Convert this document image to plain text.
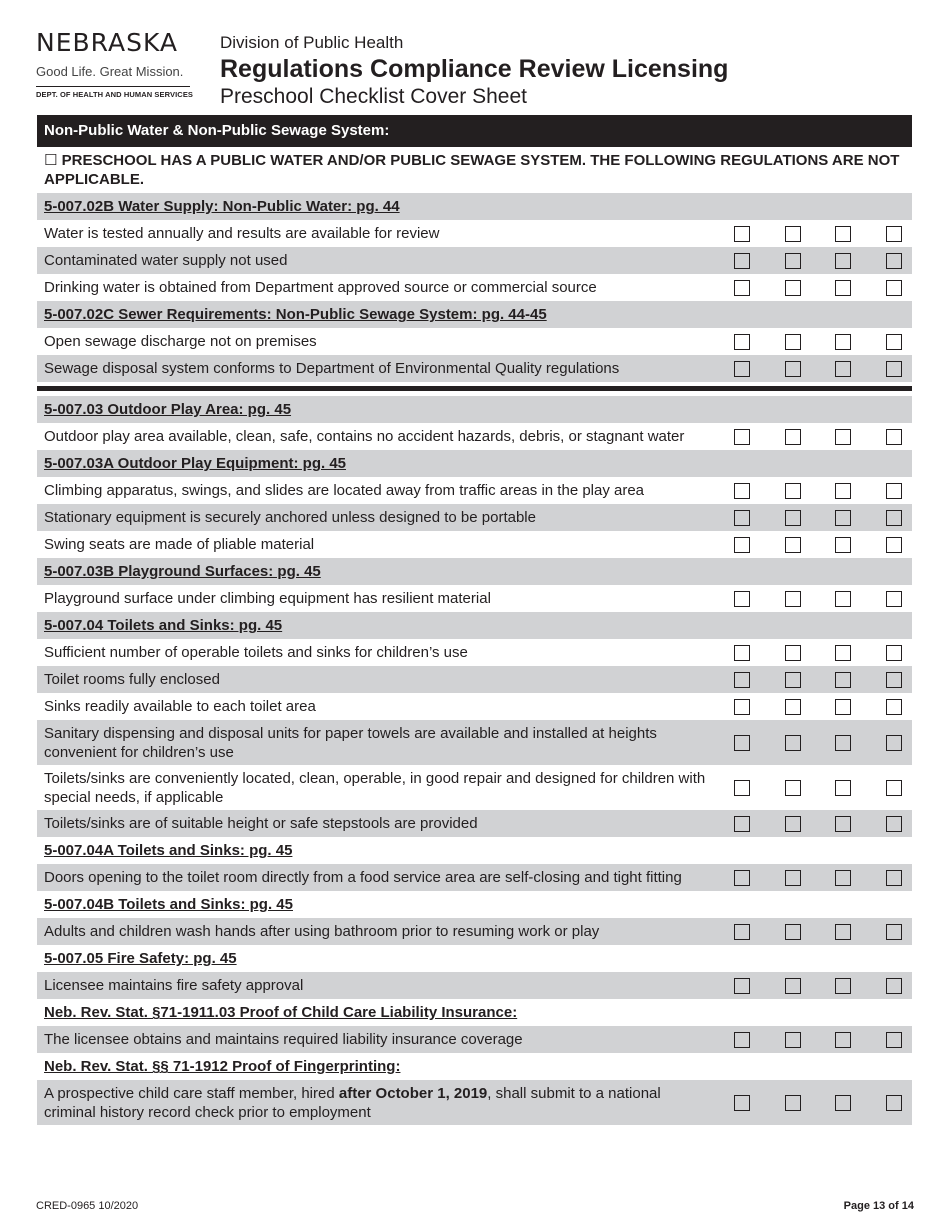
NEBRASKA
Good Life. Great Mission.
DEPT. OF HEALTH AND HUMAN SERVICES
Division of Public Health
Regulations Compliance Review Licensing
Preschool Checklist Cover Sheet
Non-Public Water & Non-Public Sewage System:
☐ PRESCHOOL HAS A PUBLIC WATER AND/OR PUBLIC SEWAGE SYSTEM. THE FOLLOWING REGULATIONS ARE NOT APPLICABLE.
5-007.02B Water Supply: Non-Public Water: pg. 44
Water is tested annually and results are available for review
Contaminated water supply not used
Drinking water is obtained from Department approved source or commercial source
5-007.02C Sewer Requirements: Non-Public Sewage System: pg. 44-45
Open sewage discharge not on premises
Sewage disposal system conforms to Department of Environmental Quality regulations
5-007.03 Outdoor Play Area: pg. 45
Outdoor play area available, clean, safe, contains no accident hazards, debris, or stagnant water
5-007.03A Outdoor Play Equipment: pg. 45
Climbing apparatus, swings, and slides are located away from traffic areas in the play area
Stationary equipment is securely anchored unless designed to be portable
Swing seats are made of pliable material
5-007.03B Playground Surfaces: pg. 45
Playground surface under climbing equipment has resilient material
5-007.04 Toilets and Sinks: pg. 45
Sufficient number of operable toilets and sinks for children’s use
Toilet rooms fully enclosed
Sinks readily available to each toilet area
Sanitary dispensing and disposal units for paper towels are available and installed at heights convenient for children’s use
Toilets/sinks are conveniently located, clean, operable, in good repair and designed for children with special needs, if applicable
Toilets/sinks are of suitable height or safe stepstools are provided
5-007.04A Toilets and Sinks: pg. 45
Doors opening to the toilet room directly from a food service area are self-closing and tight fitting
5-007.04B Toilets and Sinks: pg. 45
Adults and children wash hands after using bathroom prior to resuming work or play
5-007.05 Fire Safety: pg. 45
Licensee maintains fire safety approval
Neb. Rev. Stat. §71-1911.03 Proof of Child Care Liability Insurance:
The licensee obtains and maintains required liability insurance coverage
Neb. Rev. Stat. §§ 71-1912 Proof of Fingerprinting:
A prospective child care staff member, hired after October 1, 2019, shall submit to a national criminal history record check prior to employment
CRED-0965 10/2020	Page 13 of 14
